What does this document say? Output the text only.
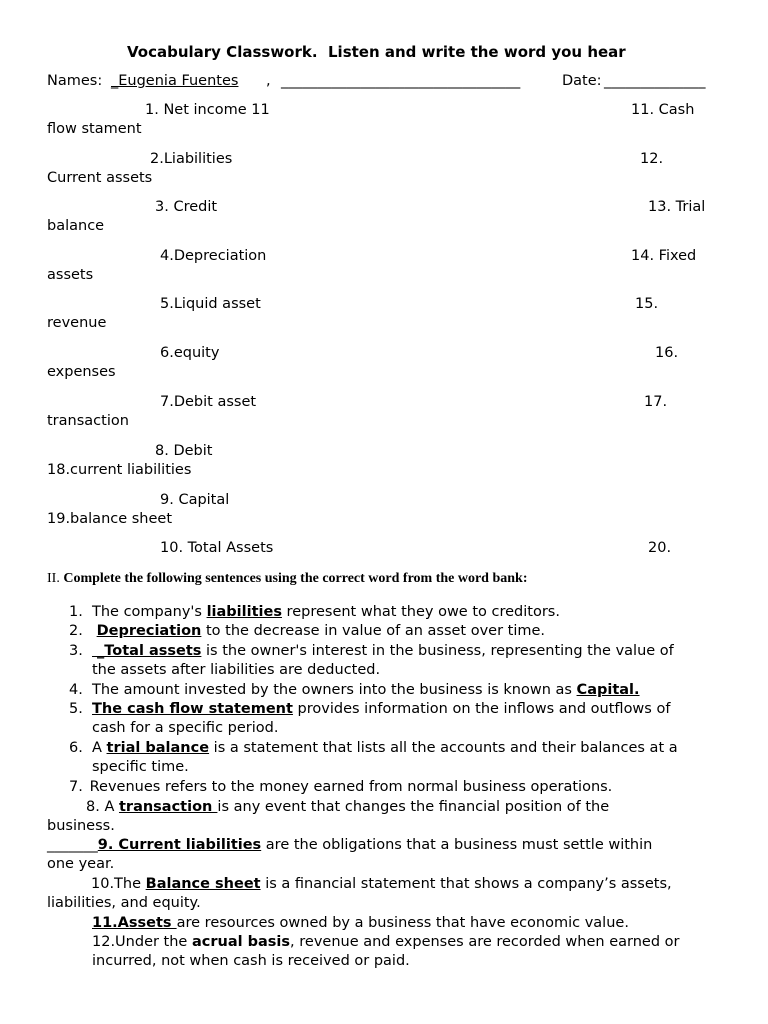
Vocabulary Classwork.  Listen and write the word you hear
Names: _Eugenia Fuentes , _________________________________	Date: ______________
1. Net income 11	11. Cash
flow stament
2.Liabilities	12.
Current assets
3. Credit	13. Trial
balance
4.Depreciation	14. Fixed
assets
5.Liquid asset	15.
revenue
6.equity	16.
expenses
7.Debit asset	17.
transaction
8. Debit
18.current liabilities
9. Capital
19.balance sheet
10. Total Assets	20.
II. Complete the following sentences using the correct word from the word bank:
1. The company's liabilities represent what they owe to creditors.
2. Depreciation to the decrease in value of an asset over time.
3. _Total assets is the owner's interest in the business, representing the value of
the assets after liabilities are deducted.
4. The amount invested by the owners into the business is known as Capital.
5. The cash flow statement provides information on the inflows and outflows of
cash for a specific period.
6. A trial balance is a statement that lists all the accounts and their balances at a
specific time.
7. Revenues refers to the money earned from normal business operations.
8. A transaction is any event that changes the financial position of the
business.
_______9. Current liabilities are the obligations that a business must settle within
one year.
10.The Balance sheet is a financial statement that shows a company’s assets,
liabilities, and equity.
11.Assets are resources owned by a business that have economic value.
12.Under the acrual basis, revenue and expenses are recorded when earned or
incurred, not when cash is received or paid.
